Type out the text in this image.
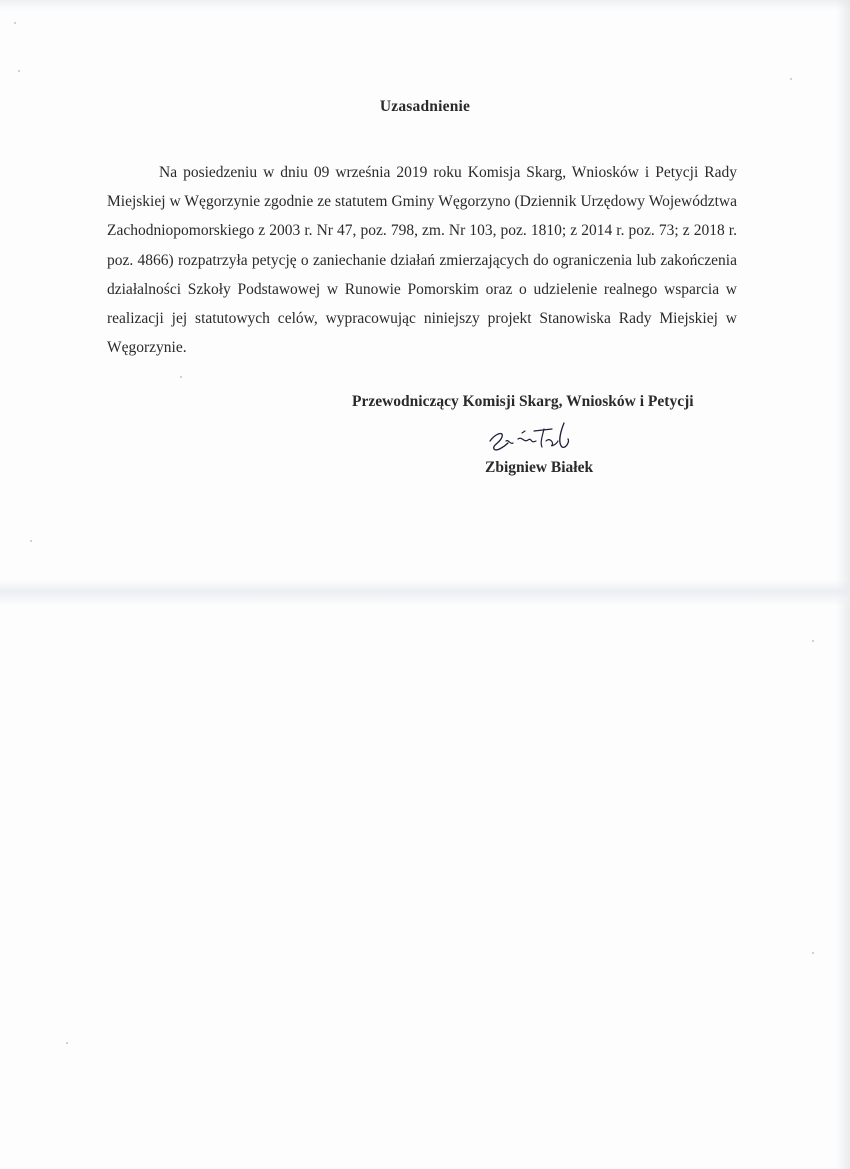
Uzasadnienie

Na posiedzeniu w dniu 09 września 2019 roku Komisja Skarg, Wniosków i Petycji Rady Miejskiej w Węgorzynie zgodnie ze statutem Gminy Węgorzyno (Dziennik Urzędowy Województwa Zachodniopomorskiego z 2003 r. Nr 47, poz. 798, zm. Nr 103, poz. 1810; z 2014 r. poz. 73; z 2018 r. poz. 4866) rozpatrzyła petycję o zaniechanie działań zmierzających do ograniczenia lub zakończenia działalności Szkoły Podstawowej w Runowie Pomorskim oraz o udzielenie realnego wsparcia w realizacji jej statutowych celów, wypracowując niniejszy projekt Stanowiska Rady Miejskiej w Węgorzynie.

Przewodniczący Komisji Skarg, Wniosków i Petycji

Zbigniew Białek
